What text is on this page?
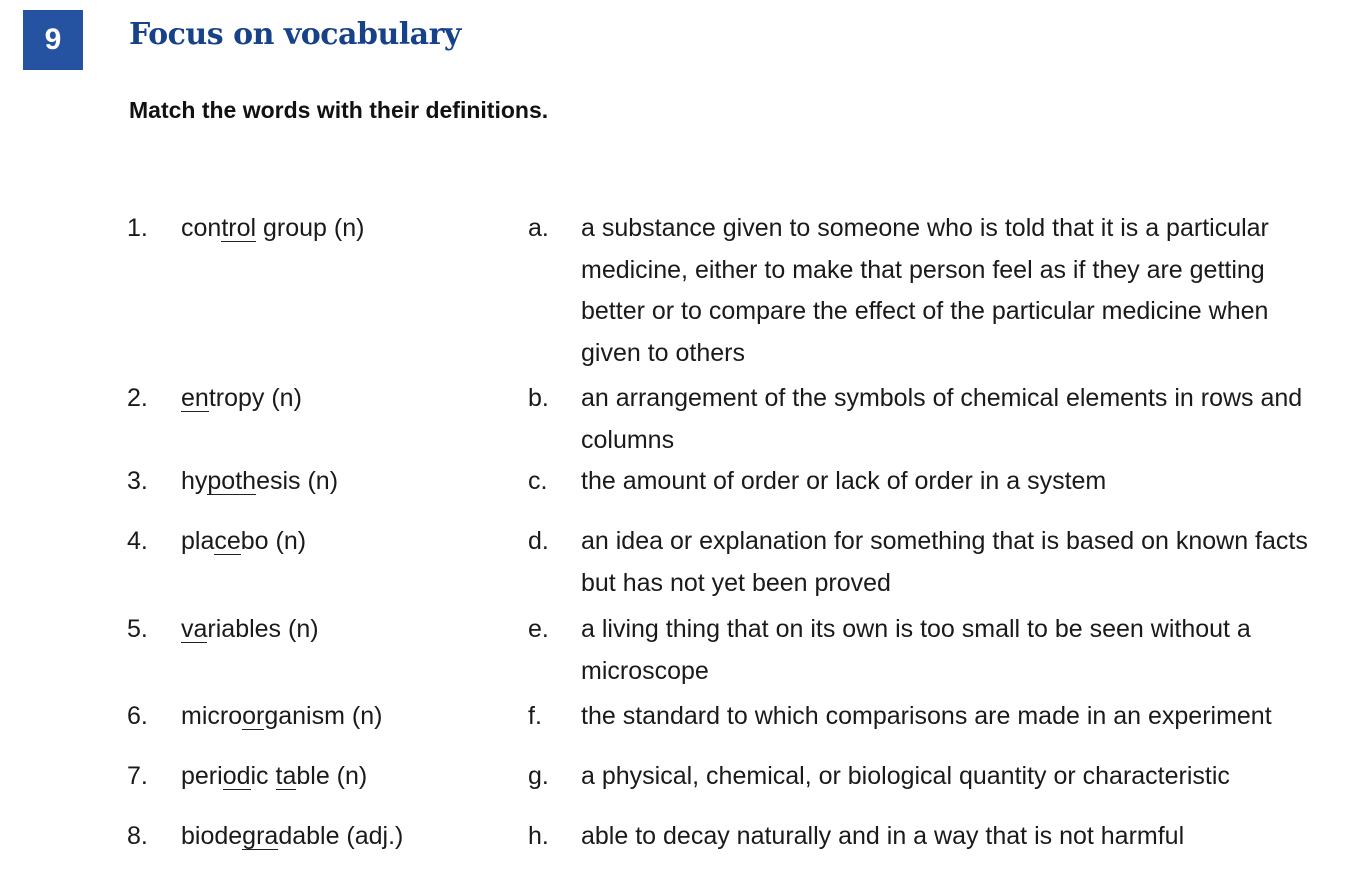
9	Focus on vocabulary

Match the words with their definitions.

1. control group (n)	a. a substance given to someone who is told that it is a particular medicine, either to make that person feel as if they are getting better or to compare the effect of the particular medicine when given to others
2. entropy (n)	b. an arrangement of the symbols of chemical elements in rows and columns
3. hypothesis (n)	c. the amount of order or lack of order in a system
4. placebo (n)	d. an idea or explanation for something that is based on known facts but has not yet been proved
5. variables (n)	e. a living thing that on its own is too small to be seen without a microscope
6. microorganism (n)	f. the standard to which comparisons are made in an experiment
7. periodic table (n)	g. a physical, chemical, or biological quantity or characteristic
8. biodegradable (adj.)	h. able to decay naturally and in a way that is not harmful
